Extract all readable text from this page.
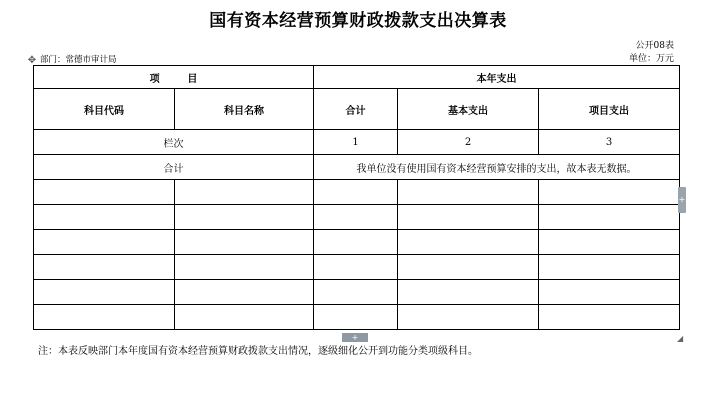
国有资本经营预算财政拨款支出决算表
公开08表
单位：万元
✥ 部门：常德市审计局
项        目		本年支出		
科目代码	科目名称	合计	基本支出	项目支出
栏次		1	2	3
合计		我单位没有使用国有资本经营预算安排的支出，故本表无数据。		

+
+	◢
注：本表反映部门本年度国有资本经营预算财政拨款支出情况，逐级细化公开到功能分类项级科目。
